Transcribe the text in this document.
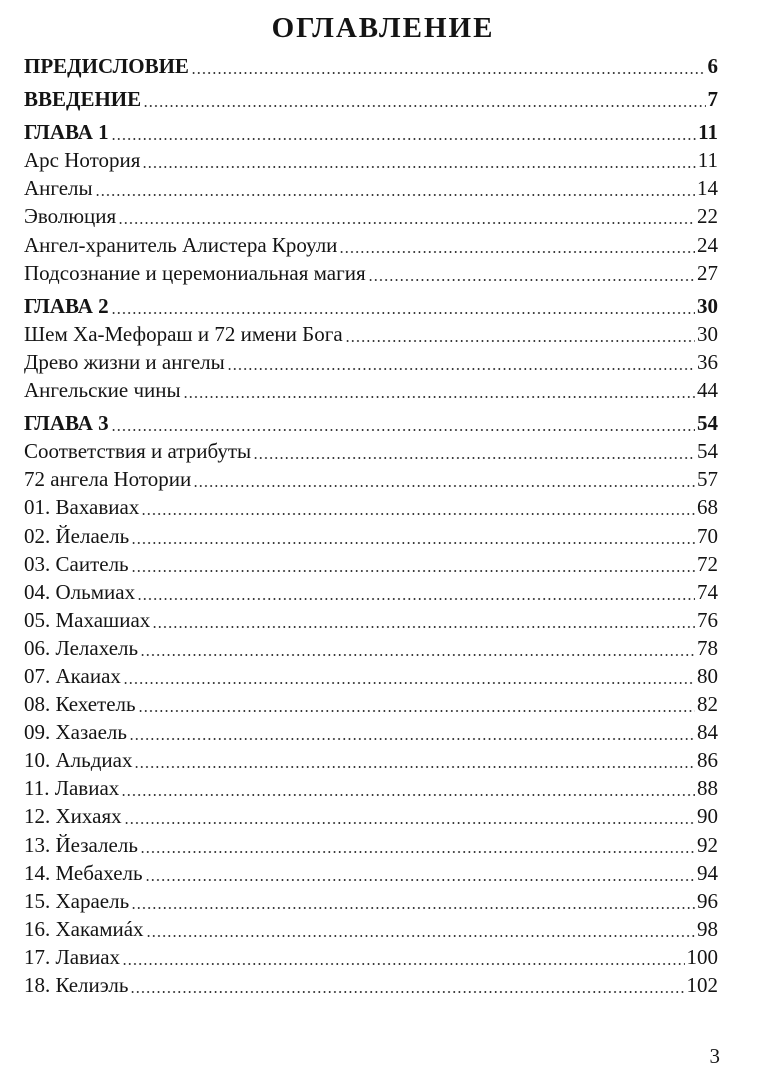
ОГЛАВЛЕНИЕ
ПРЕДИСЛОВИЕ	6
ВВЕДЕНИЕ	7
ГЛАВА 1	11
Арс Нотория	11
Ангелы	14
Эволюция	22
Ангел-хранитель Алистера Кроули	24
Подсознание и церемониальная магия	27
ГЛАВА 2	30
Шем Ха-Мефораш и 72 имени Бога	30
Древо жизни и ангелы	36
Ангельские чины	44
ГЛАВА 3	54
Соответствия и атрибуты	54
72 ангела Нотории	57
01. Вахавиах	68
02. Йелаель	70
03. Саитель	72
04. Ольмиах	74
05. Махашиах	76
06. Лелахель	78
07. Акаиах	80
08. Кехетель	82
09. Хазаель	84
10. Альдиах	86
11. Лавиах	88
12. Хихаях	90
13. Йезалель	92
14. Мебахель	94
15. Хараель	96
16. Хакамиáх	98
17. Лавиах	100
18. Келиэль	102
3
